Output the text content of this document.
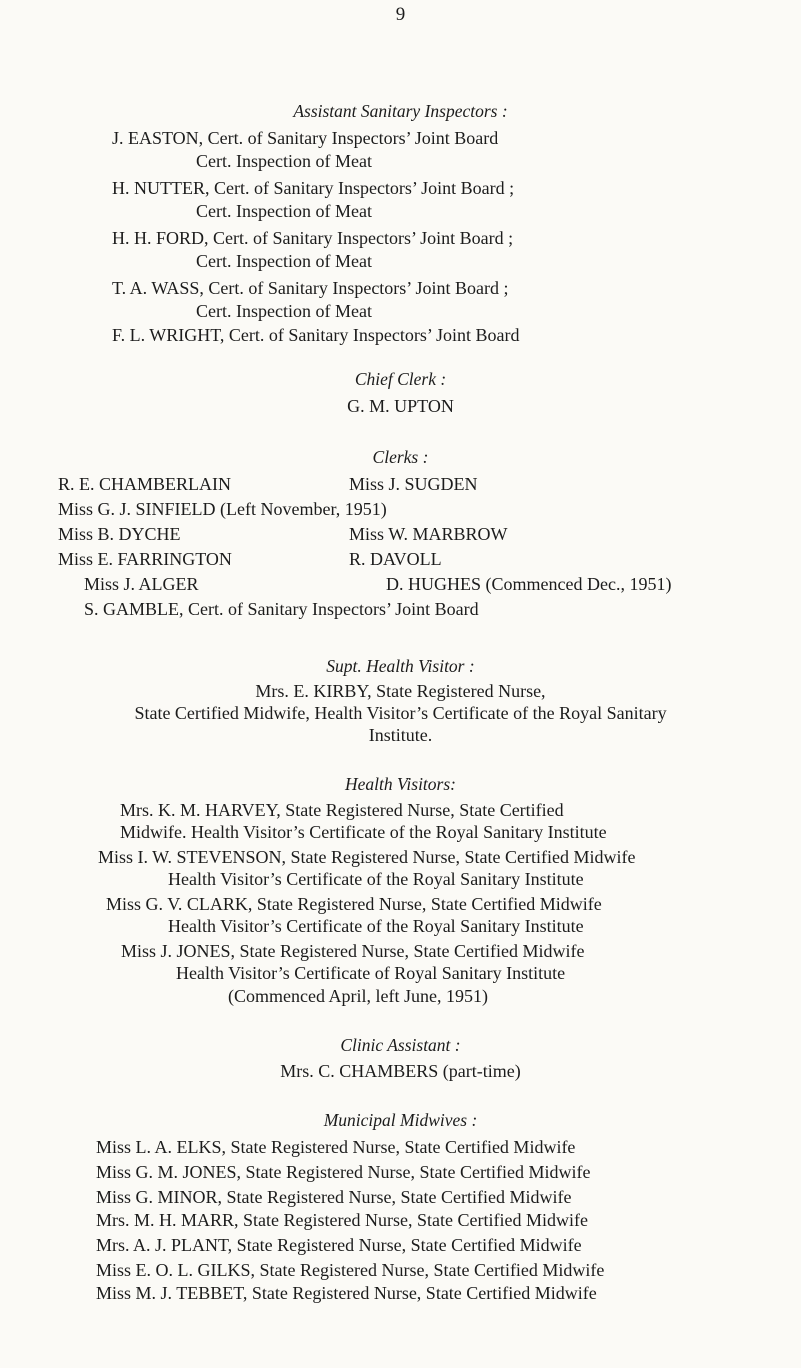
9
Assistant Sanitary Inspectors :
J. EASTON, Cert. of Sanitary Inspectors’ Joint Board
Cert. Inspection of Meat
H. NUTTER, Cert. of Sanitary Inspectors’ Joint Board ;
Cert. Inspection of Meat
H. H. FORD, Cert. of Sanitary Inspectors’ Joint Board ;
Cert. Inspection of Meat
T. A. WASS, Cert. of Sanitary Inspectors’ Joint Board ;
Cert. Inspection of Meat
F. L. WRIGHT, Cert. of Sanitary Inspectors’ Joint Board
Chief Clerk :
G. M. UPTON
Clerks :
R. E. CHAMBERLAIN	Miss J. SUGDEN
Miss G. J. SINFIELD (Left November, 1951)
Miss B. DYCHE	Miss W. MARBROW
Miss E. FARRINGTON	R. DAVOLL
Miss J. ALGER	D. HUGHES (Commenced Dec., 1951)
S. GAMBLE, Cert. of Sanitary Inspectors’ Joint Board
Supt. Health Visitor :
Mrs. E. KIRBY, State Registered Nurse,
State Certified Midwife, Health Visitor’s Certificate of the Royal Sanitary
Institute.
Health Visitors:
Mrs. K. M. HARVEY, State Registered Nurse, State Certified
Midwife. Health Visitor’s Certificate of the Royal Sanitary Institute
Miss I. W. STEVENSON, State Registered Nurse, State Certified Midwife
Health Visitor’s Certificate of the Royal Sanitary Institute
Miss G. V. CLARK, State Registered Nurse, State Certified Midwife
Health Visitor’s Certificate of the Royal Sanitary Institute
Miss J. JONES, State Registered Nurse, State Certified Midwife
Health Visitor’s Certificate of Royal Sanitary Institute
(Commenced April, left June, 1951)
Clinic Assistant :
Mrs. C. CHAMBERS (part-time)
Municipal Midwives :
Miss L. A. ELKS, State Registered Nurse, State Certified Midwife
Miss G. M. JONES, State Registered Nurse, State Certified Midwife
Miss G. MINOR, State Registered Nurse, State Certified Midwife
Mrs. M. H. MARR, State Registered Nurse, State Certified Midwife
Mrs. A. J. PLANT, State Registered Nurse, State Certified Midwife
Miss E. O. L. GILKS, State Registered Nurse, State Certified Midwife
Miss M. J. TEBBET, State Registered Nurse, State Certified Midwife
